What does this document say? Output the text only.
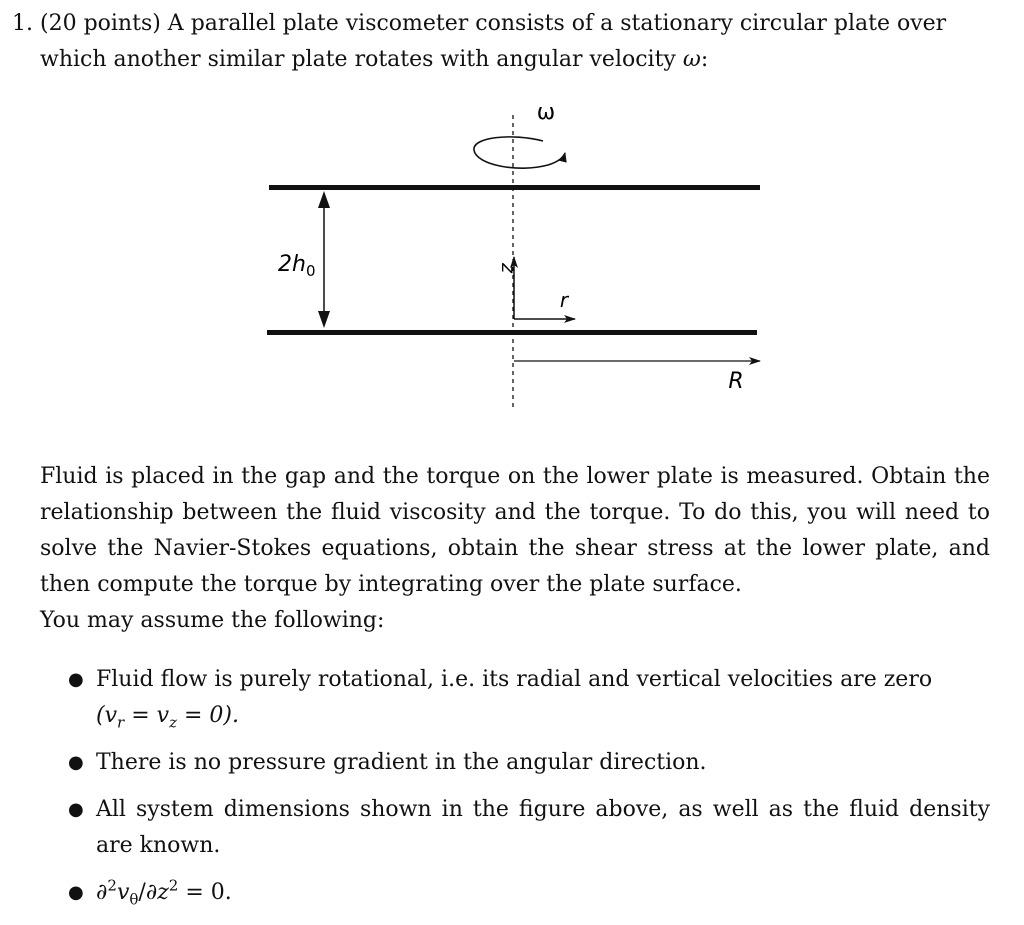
1. (20 points) A parallel plate viscometer consists of a stationary circular plate over which another similar plate rotates with angular velocity ω:
ω
$2h_0$	z
r
R
Fluid is placed in the gap and the torque on the lower plate is measured. Obtain the relationship between the fluid viscosity and the torque. To do this, you will need to solve the Navier-Stokes equations, obtain the shear stress at the lower plate, and then compute the torque by integrating over the plate surface.
You may assume the following:
● Fluid flow is purely rotational, i.e. its radial and vertical velocities are zero
$(v_r = v_z = 0)$.
● There is no pressure gradient in the angular direction.
● All system dimensions shown in the figure above, as well as the fluid density are known.
● $\partial^2v_\theta/\partial z^2 = 0$.
